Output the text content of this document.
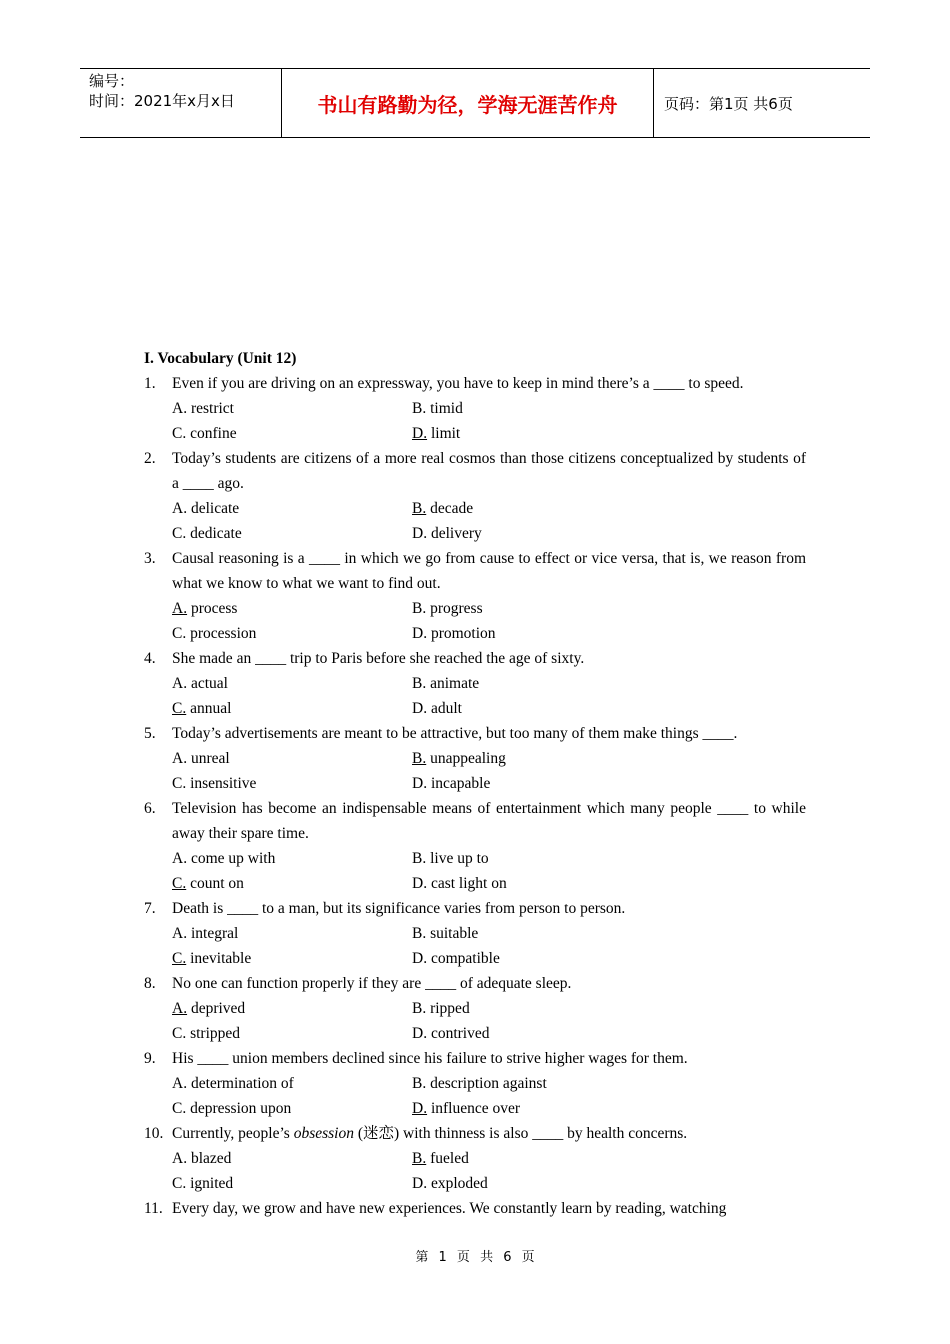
编号：
时间：2021年x月x日	书山有路勤为径，学海无涯苦作舟	页码：第1页 共6页
I. Vocabulary (Unit 12)
1. Even if you are driving on an expressway, you have to keep in mind there’s a ____ to speed.
A. restrict	B. timid
C. confine	D. limit
2. Today’s students are citizens of a more real cosmos than those citizens conceptualized by students of a ____ ago.
A. delicate	B. decade
C. dedicate	D. delivery
3. Causal reasoning is a ____ in which we go from cause to effect or vice versa, that is, we reason from what we know to what we want to find out.
A. process	B. progress
C. procession	D. promotion
4. She made an ____ trip to Paris before she reached the age of sixty.
A. actual	B. animate
C. annual	D. adult
5. Today’s advertisements are meant to be attractive, but too many of them make things ____.
A. unreal	B. unappealing
C. insensitive	D. incapable
6. Television has become an indispensable means of entertainment which many people ____ to while away their spare time.
A. come up with	B. live up to
C. count on	D. cast light on
7. Death is ____ to a man, but its significance varies from person to person.
A. integral	B. suitable
C. inevitable	D. compatible
8. No one can function properly if they are ____ of adequate sleep.
A. deprived	B. ripped
C. stripped	D. contrived
9. His ____ union members declined since his failure to strive higher wages for them.
A. determination of	B. description against
C. depression upon	D. influence over
10. Currently, people’s obsession (迷恋) with thinness is also ____ by health concerns.
A. blazed	B. fueled
C. ignited	D. exploded
11. Every day, we grow and have new experiences. We constantly learn by reading, watching
第 1 页 共 6 页
